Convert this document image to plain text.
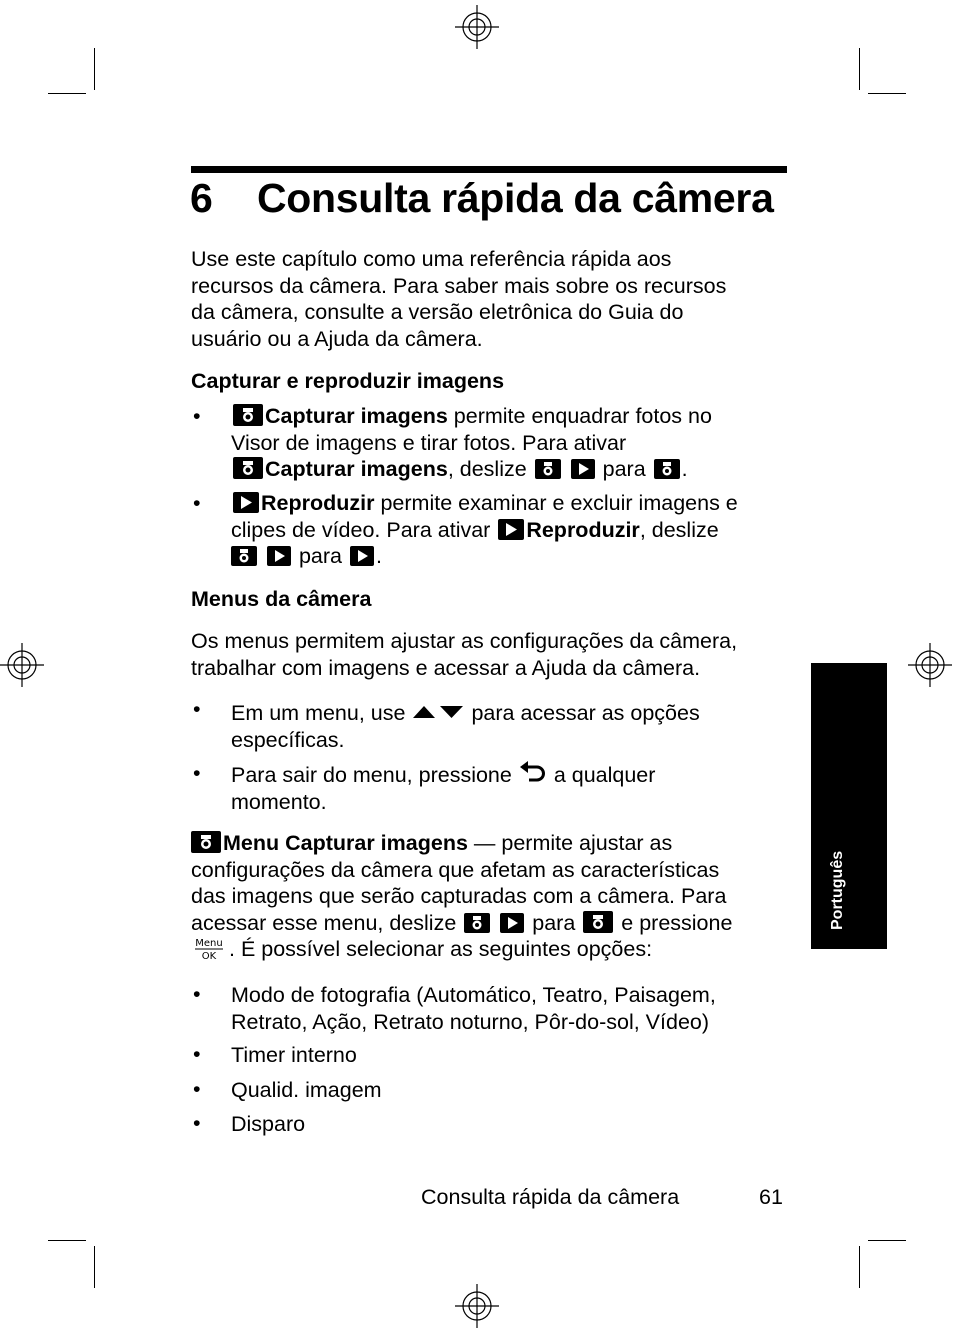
6 Consulta rápida da câmera
Use este capítulo como uma referência rápida aos
recursos da câmera. Para saber mais sobre os recursos
da câmera, consulte a versão eletrônica do Guia do
usuário ou a Ajuda da câmera.
Capturar e reproduzir imagens
•	Capturar imagens permite enquadrar fotos no
Visor de imagens e tirar fotos. Para ativar
Capturar imagens, deslize
	para .
•	Reproduzir permite examinar e excluir imagens e
clipes de vídeo. Para ativar Reproduzir, deslize

para .
Menus da câmera
Os menus permitem ajustar as configurações da câmera,
trabalhar com imagens e acessar a Ajuda da câmera.
• Em um menu, use	para acessar as opções
específicas.
• Para sair do menu, pressione a qualquer
momento.
Menu Capturar imagens — permite ajustar as
configurações da câmera que afetam as características
das imagens que serão capturadas com a câmera. Para
acessar esse menu, deslize
	para e pressione
Menu
OK . É possível selecionar as seguintes opções:
• Modo de fotografia (Automático, Teatro, Paisagem,
Retrato, Ação, Retrato noturno, Pôr-do-sol, Vídeo)
• Timer interno
• Qualid. imagem
• Disparo
Português
Consulta rápida da câmera	61
